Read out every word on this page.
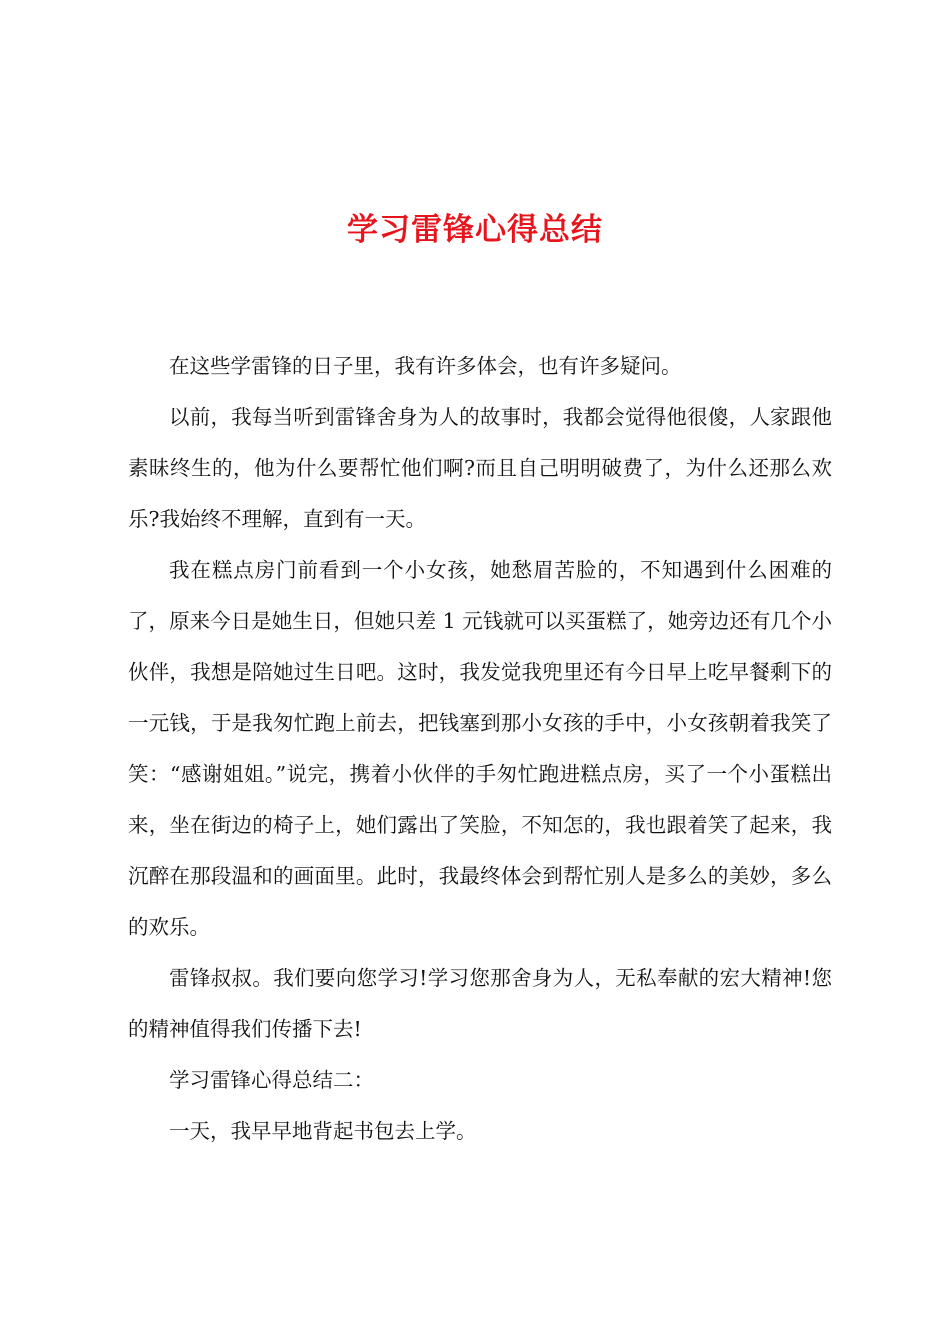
学习雷锋心得总结

在这些学雷锋的日子里，我有许多体会，也有许多疑问。

以前，我每当听到雷锋舍身为人的故事时，我都会觉得他很傻，人家跟他素昧终生的，他为什么要帮忙他们啊?而且自己明明破费了，为什么还那么欢乐?我始终不理解，直到有一天。

我在糕点房门前看到一个小女孩，她愁眉苦脸的，不知遇到什么困难的了，原来今日是她生日，但她只差 1 元钱就可以买蛋糕了，她旁边还有几个小伙伴，我想是陪她过生日吧。这时，我发觉我兜里还有今日早上吃早餐剩下的一元钱，于是我匆忙跑上前去，把钱塞到那小女孩的手中，小女孩朝着我笑了笑：“感谢姐姐。”说完，携着小伙伴的手匆忙跑进糕点房，买了一个小蛋糕出来，坐在街边的椅子上，她们露出了笑脸，不知怎的，我也跟着笑了起来，我沉醉在那段温和的画面里。此时，我最终体会到帮忙别人是多么的美妙，多么的欢乐。

雷锋叔叔。我们要向您学习!学习您那舍身为人，无私奉献的宏大精神!您的精神值得我们传播下去!

学习雷锋心得总结二：

一天，我早早地背起书包去上学。
